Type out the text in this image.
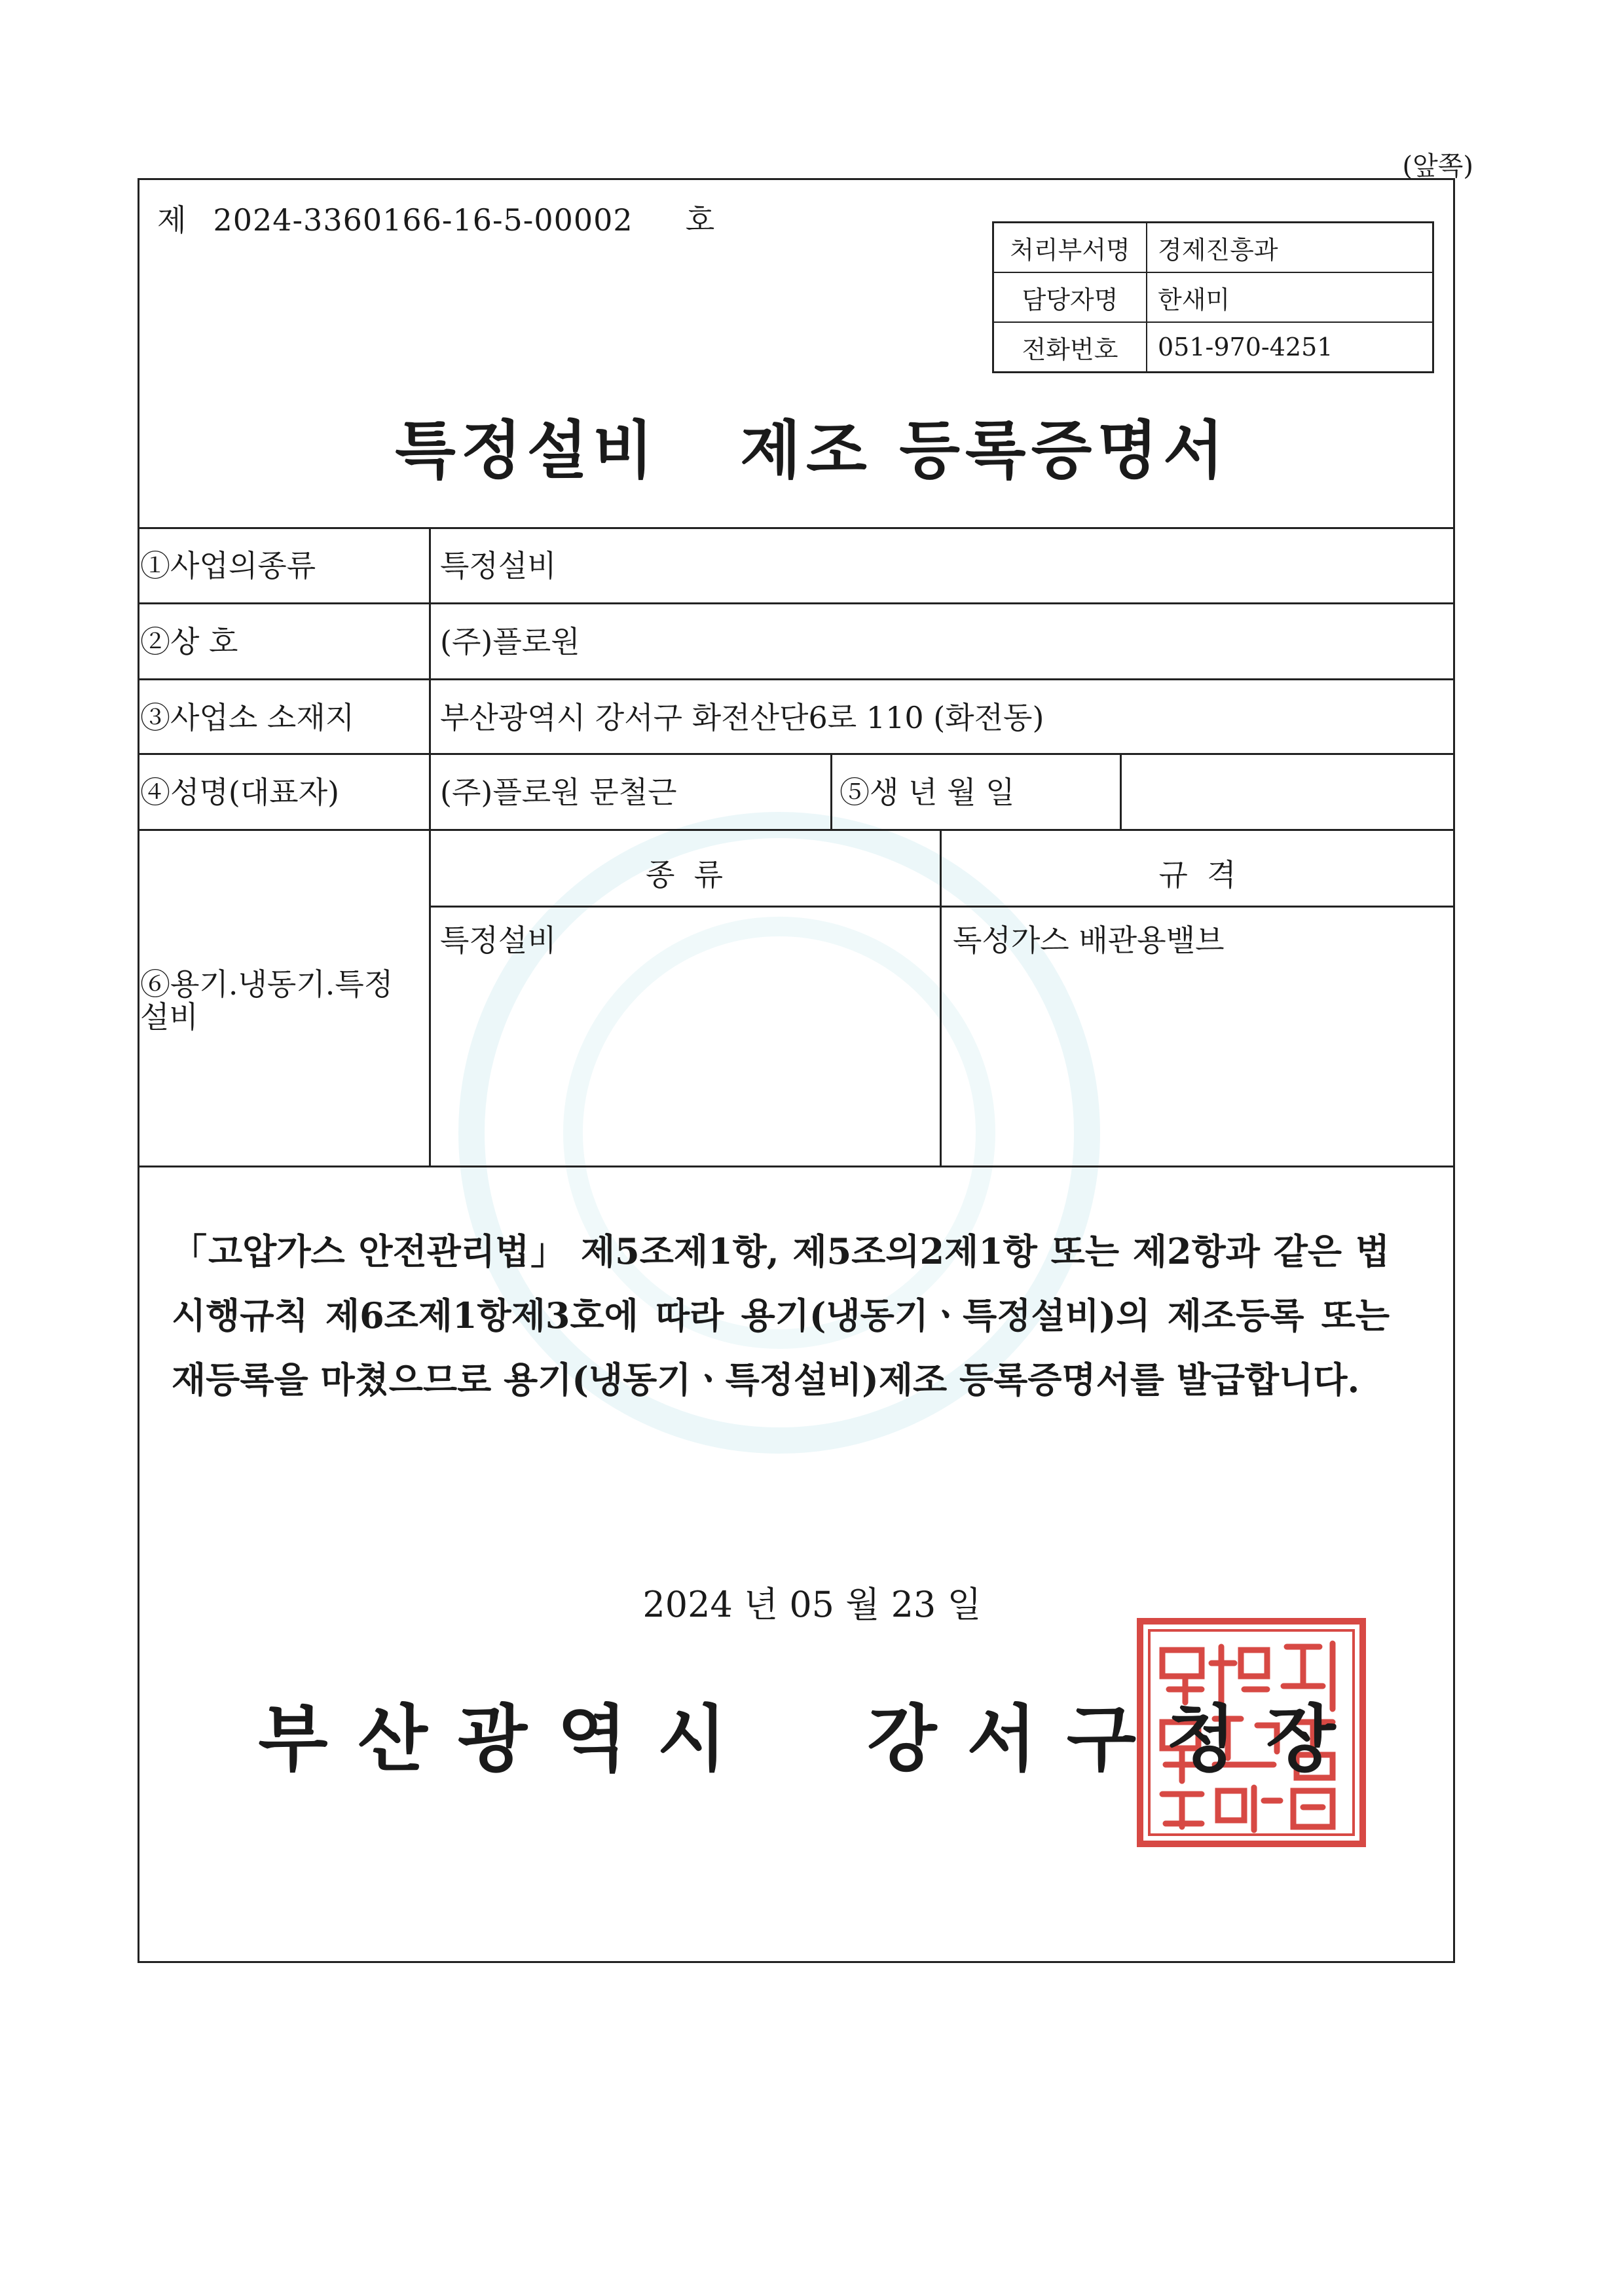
(앞쪽)
제 2024-3360166-16-5-00002 호
처리부서명	경제진흥과
담당자명	한새미
전화번호	051-970-4251
특정설비   제조 등록증명서
①사업의종류	특정설비
②상 호	(주)플로원
③사업소 소재지	부산광역시 강서구 화전산단6로 110 (화전동)
④성명(대표자)	(주)플로원 문철근	⑤생 년 월 일
⑥용기.냉동기.특정
설비
종  류	규  격
특정설비	독성가스 배관용밸브
「고압가스 안전관리법」 제5조제1항, 제5조의2제1항 또는 제2항과 같은 법 시행규칙 제6조제1항제3호에 따라 용기(냉동기ㆍ특정설비)의 제조등록 또는 재등록을 마쳤으므로 용기(냉동기ㆍ특정설비)제조 등록증명서를 발급합니다.
2024 년 05 월 23 일
부산광역시  강서구청장
